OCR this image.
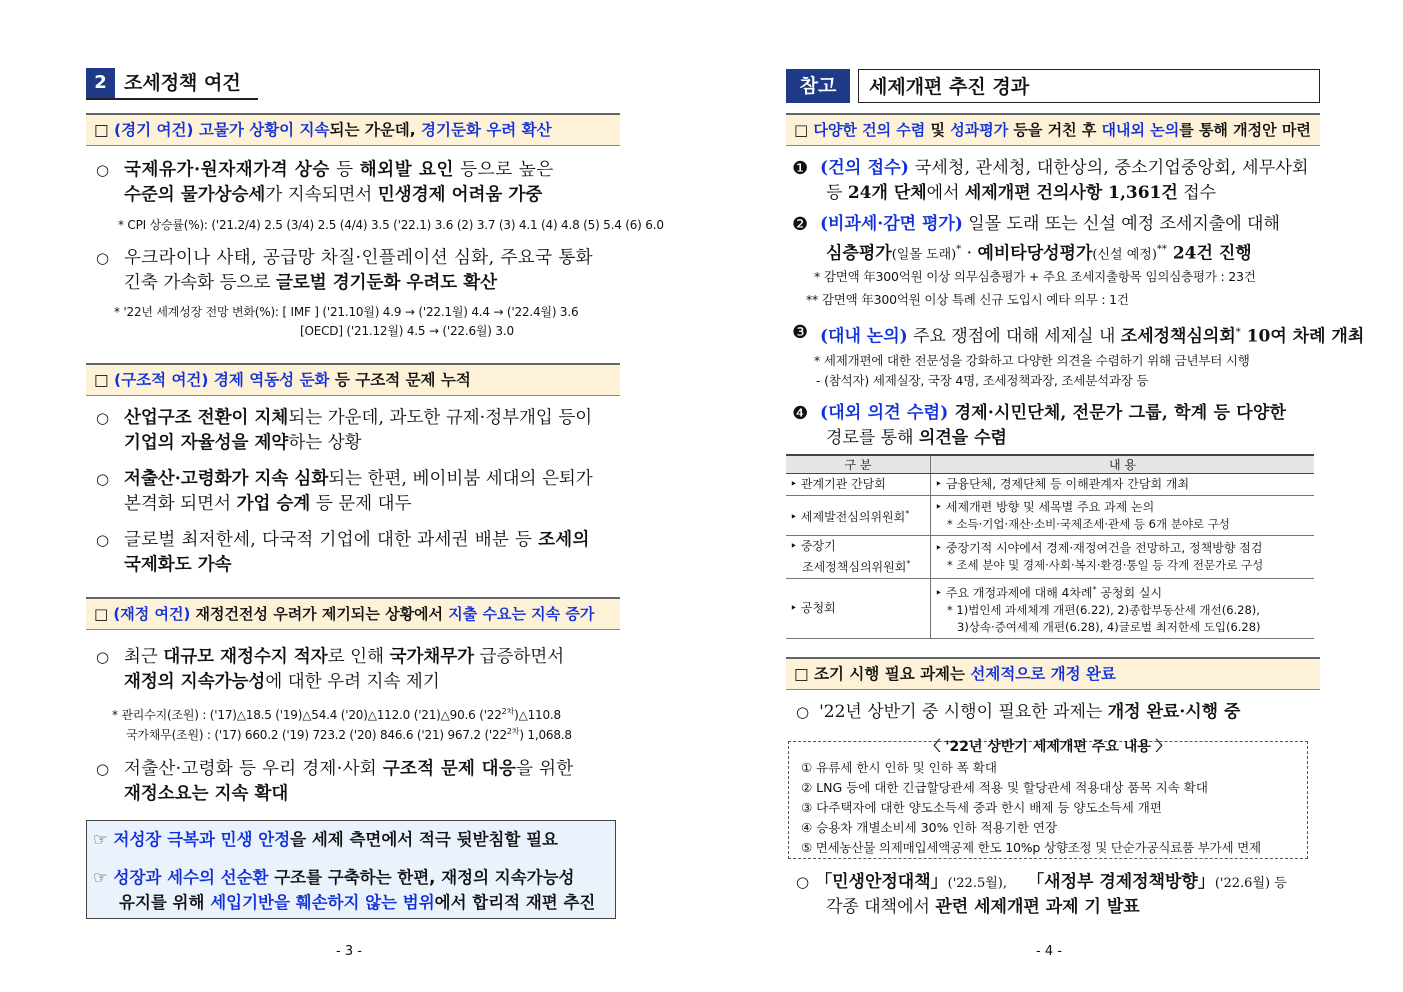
2 조세정책 여건
□ (경기 여건) 고물가 상황이 지속되는 가운데, 경기둔화 우려 확산
○ 국제유가·원자재가격 상승 등 해외발 요인 등으로 높은
수준의 물가상승세가 지속되면서 민생경제 어려움 가중
* CPI 상승률(%): ('21.2/4) 2.5 (3/4) 2.5 (4/4) 3.5 ('22.1) 3.6 (2) 3.7 (3) 4.1 (4) 4.8 (5) 5.4 (6) 6.0
○ 우크라이나 사태, 공급망 차질·인플레이션 심화, 주요국 통화
긴축 가속화 등으로 글로벌 경기둔화 우려도 확산
* '22년 세계성장 전망 변화(%): [ IMF ] ('21.10월) 4.9 → ('22.1월) 4.4 → ('22.4월) 3.6
[OECD] ('21.12월) 4.5 → ('22.6월) 3.0
□ (구조적 여건) 경제 역동성 둔화 등 구조적 문제 누적
○ 산업구조 전환이 지체되는 가운데, 과도한 규제·정부개입 등이
기업의 자율성을 제약하는 상황
○ 저출산·고령화가 지속 심화되는 한편, 베이비붐 세대의 은퇴가
본격화 되면서 가업 승계 등 문제 대두
○ 글로벌 최저한세, 다국적 기업에 대한 과세권 배분 등 조세의
국제화도 가속
□ (재정 여건) 재정건전성 우려가 제기되는 상황에서 지출 수요는 지속 증가
○ 최근 대규모 재정수지 적자로 인해 국가채무가 급증하면서
재정의 지속가능성에 대한 우려 지속 제기
* 관리수지(조원) : ('17)△18.5 ('19)△54.4 ('20)△112.0 ('21)△90.6 $('22^{2차})\triangle 110.8$
국가채무(조원) : ('17) 660.2 ('19) 723.2 ('20) 846.6 ('21) 967.2 $('22^{2차})$ 1,068.8
○ 저출산·고령화 등 우리 경제·사회 구조적 문제 대응을 위한
재정소요는 지속 확대
☞ 저성장 극복과 민생 안정을 세제 측면에서 적극 뒷받침할 필요
☞ 성장과 세수의 선순환 구조를 구축하는 한편, 재정의 지속가능성
유지를 위해 세입기반을 훼손하지 않는 범위에서 합리적 재편 추진
- 3 -
참고	세제개편 추진 경과
□ 다양한 건의 수렴 및 성과평가 등을 거친 후 대내외 논의를 통해 개정안 마련
❶ (건의 접수) 국세청, 관세청, 대한상의, 중소기업중앙회, 세무사회
등 24개 단체에서 세제개편 건의사항 1,361건 접수
❷ (비과세·감면 평가) 일몰 도래 또는 신설 예정 조세지출에 대해
심층평가(일몰 도래)* · 예비타당성평가(신설 예정)** 24건 진행
* 감면액 年300억원 이상 의무심층평가 + 주요 조세지출항목 임의심층평가 : 23건
** 감면액 年300억원 이상 특례 신규 도입시 예타 의무 : 1건
❸ (대내 논의) 주요 쟁점에 대해 세제실 내 조세정책심의회* 10여 차례 개최
* 세제개편에 대한 전문성을 강화하고 다양한 의견을 수렴하기 위해 금년부터 시행
- (참석자) 세제실장, 국장 4명, 조세정책과장, 조세분석과장 등
❹ (대외 의견 수렴) 경제·시민단체, 전문가 그룹, 학계 등 다양한
경로를 통해 의견을 수렴
구 분	내 용
‣ 관계기관 간담회	‣ 금융단체, 경제단체 등 이해관계자 간담회 개최
‣ 세제발전심의위원회*	‣ 세제개편 방향 및 세목별 주요 과제 논의
* 소득·기업·재산·소비·국제조세·관세 등 6개 분야로 구성
‣ 중장기
조세정책심의위원회*	‣ 중장기적 시야에서 경제·재정여건을 전망하고, 정책방향 점검
* 조세 분야 및 경제·사회·복지·환경·통일 등 각계 전문가로 구성
‣ 공청회	‣ 주요 개정과제에 대해 4차례* 공청회 실시
* 1)법인세 과세체계 개편(6.22), 2)종합부동산세 개선(6.28),
3)상속·증여세제 개편(6.28), 4)글로벌 최저한세 도입(6.28)
□ 조기 시행 필요 과제는 선제적으로 개정 완료
○ '22년 상반기 중 시행이 필요한 과제는 개정 완료·시행 중
〈 '22년 상반기 세제개편 주요 내용 〉
① 유류세 한시 인하 및 인하 폭 확대
② LNG 등에 대한 긴급할당관세 적용 및 할당관세 적용대상 품목 지속 확대
③ 다주택자에 대한 양도소득세 중과 한시 배제 등 양도소득세 개편
④ 승용차 개별소비세 30% 인하 적용기한 연장
⑤ 면세농산물 의제매입세액공제 한도 10%p 상향조정 및 단순가공식료품 부가세 면제
○ 「민생안정대책」('22.5월), 「새정부 경제정책방향」('22.6월) 등
각종 대책에서 관련 세제개편 과제 기 발표
- 4 -
